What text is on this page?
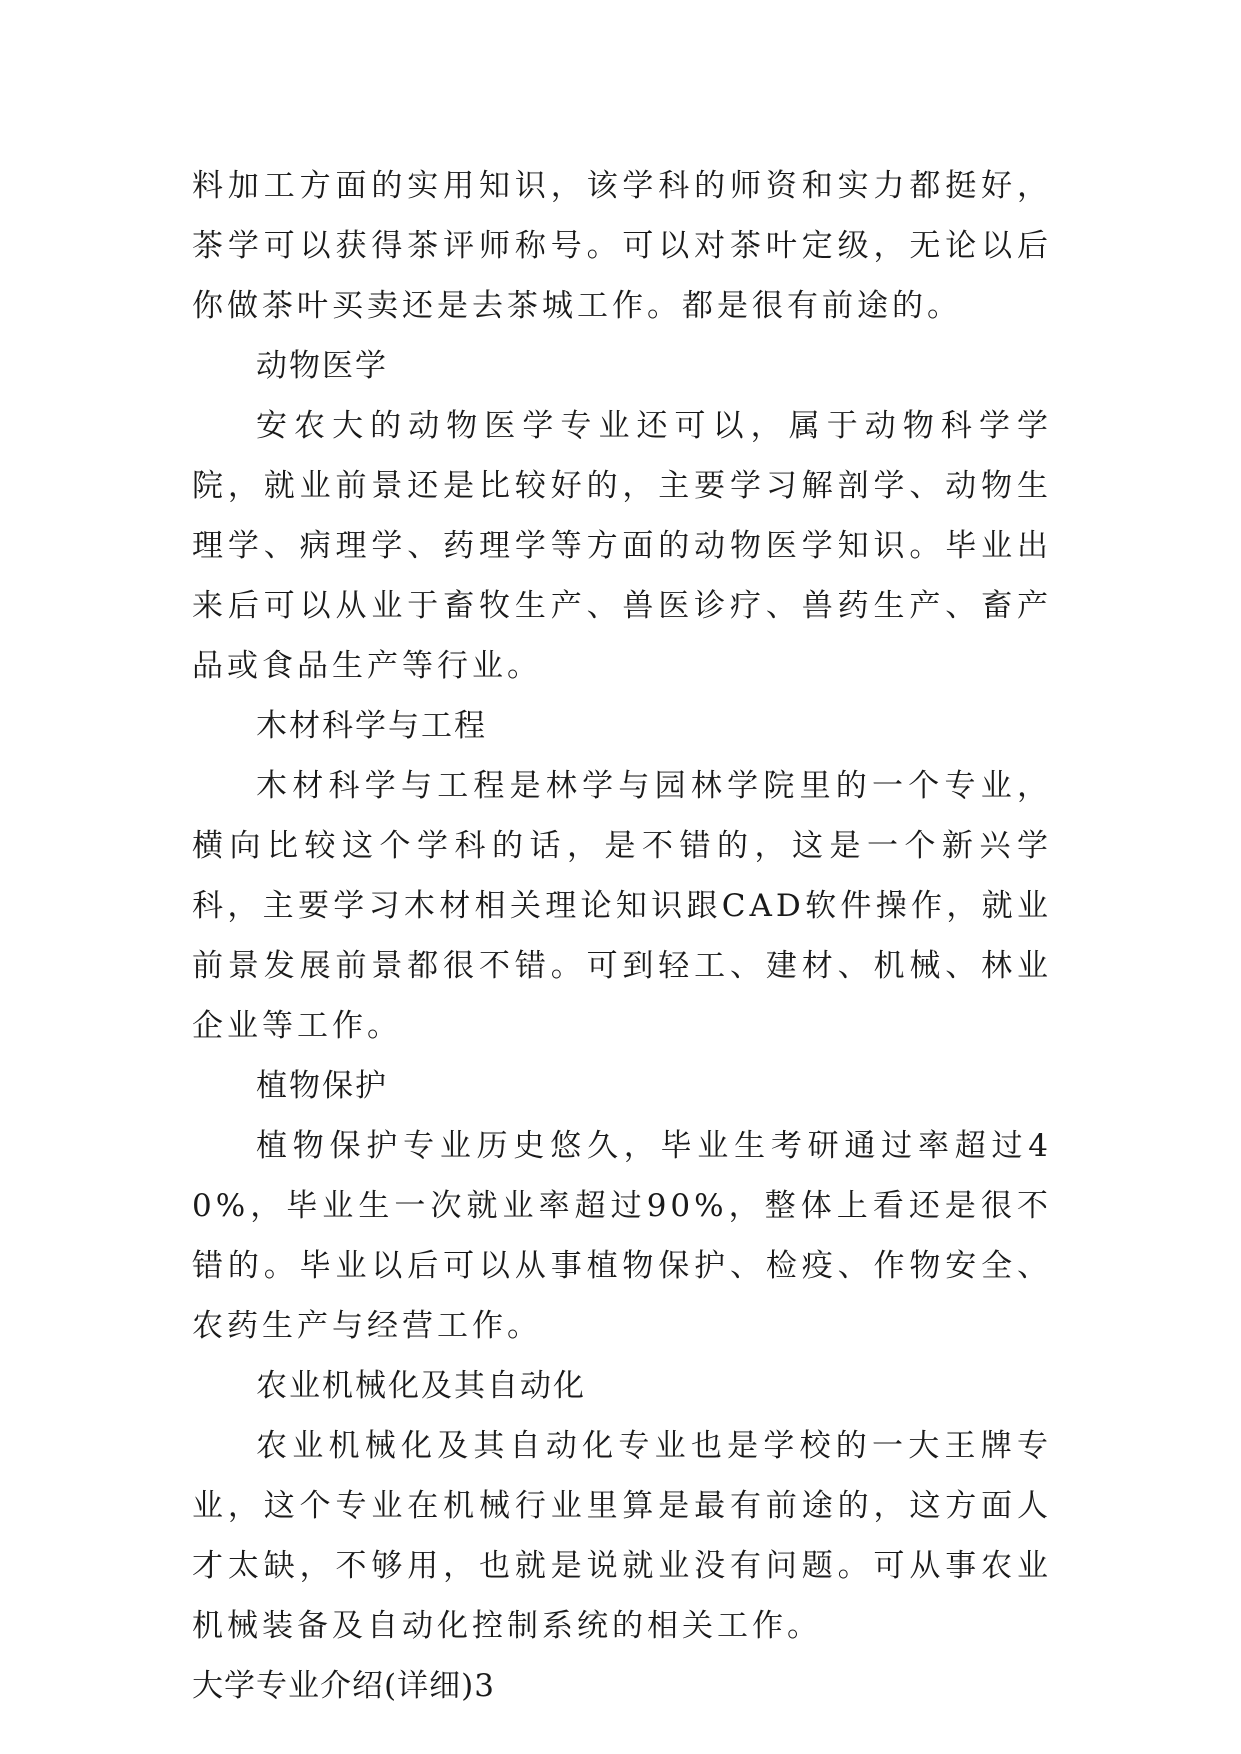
料加工方面的实用知识，该学科的师资和实力都挺好，茶学可以获得茶评师称号。可以对茶叶定级，无论以后你做茶叶买卖还是去茶城工作。都是很有前途的。

动物医学

安农大的动物医学专业还可以，属于动物科学学院，就业前景还是比较好的，主要学习解剖学、动物生理学、病理学、药理学等方面的动物医学知识。毕业出来后可以从业于畜牧生产、兽医诊疗、兽药生产、畜产品或食品生产等行业。

木材科学与工程

木材科学与工程是林学与园林学院里的一个专业，横向比较这个学科的话，是不错的，这是一个新兴学科，主要学习木材相关理论知识跟CAD软件操作，就业前景发展前景都很不错。可到轻工、建材、机械、林业企业等工作。

植物保护

植物保护专业历史悠久，毕业生考研通过率超过40%，毕业生一次就业率超过90%，整体上看还是很不错的。毕业以后可以从事植物保护、检疫、作物安全、农药生产与经营工作。

农业机械化及其自动化

农业机械化及其自动化专业也是学校的一大王牌专业，这个专业在机械行业里算是最有前途的，这方面人才太缺，不够用，也就是说就业没有问题。可从事农业机械装备及自动化控制系统的相关工作。

大学专业介绍(详细)3
